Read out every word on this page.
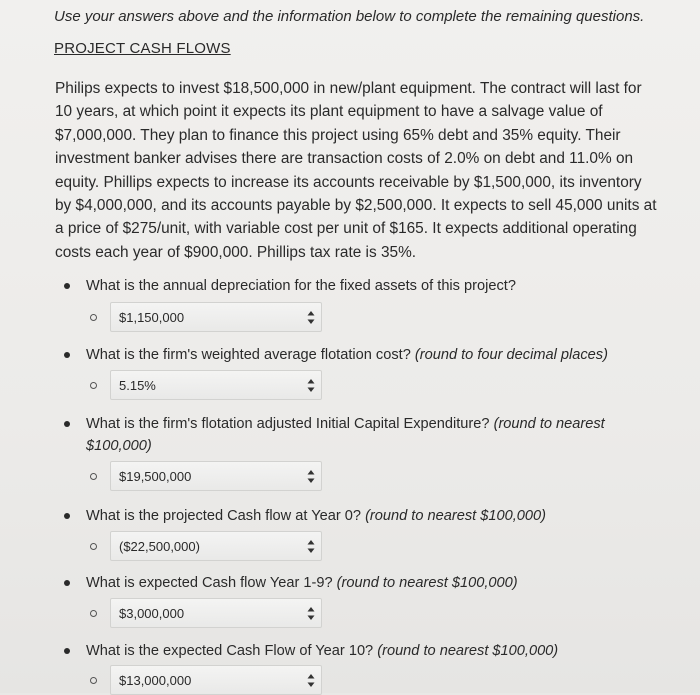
Use your answers above and the information below to complete the remaining questions.
PROJECT CASH FLOWS

Philips expects to invest $18,500,000 in new/plant equipment. The contract will last for
10 years, at which point it expects its plant equipment to have a salvage value of
$7,000,000. They plan to finance this project using 65% debt and 35% equity. Their
investment banker advises there are transaction costs of 2.0% on debt and 11.0% on
equity. Phillips expects to increase its accounts receivable by $1,500,000, its inventory
by $4,000,000, and its accounts payable by $2,500,000. It expects to sell 45,000 units at
a price of $275/unit, with variable cost per unit of $165. It expects additional operating
costs each year of $900,000. Phillips tax rate is 35%.

What is the annual depreciation for the fixed assets of this project?
$1,150,000
What is the firm's weighted average flotation cost? (round to four decimal places)
5.15%
What is the firm's flotation adjusted Initial Capital Expenditure? (round to nearest
$100,000)
$19,500,000
What is the projected Cash flow at Year 0? (round to nearest $100,000)
($22,500,000)
What is expected Cash flow Year 1-9? (round to nearest $100,000)
$3,000,000
What is the expected Cash Flow of Year 10? (round to nearest $100,000)
$13,000,000
